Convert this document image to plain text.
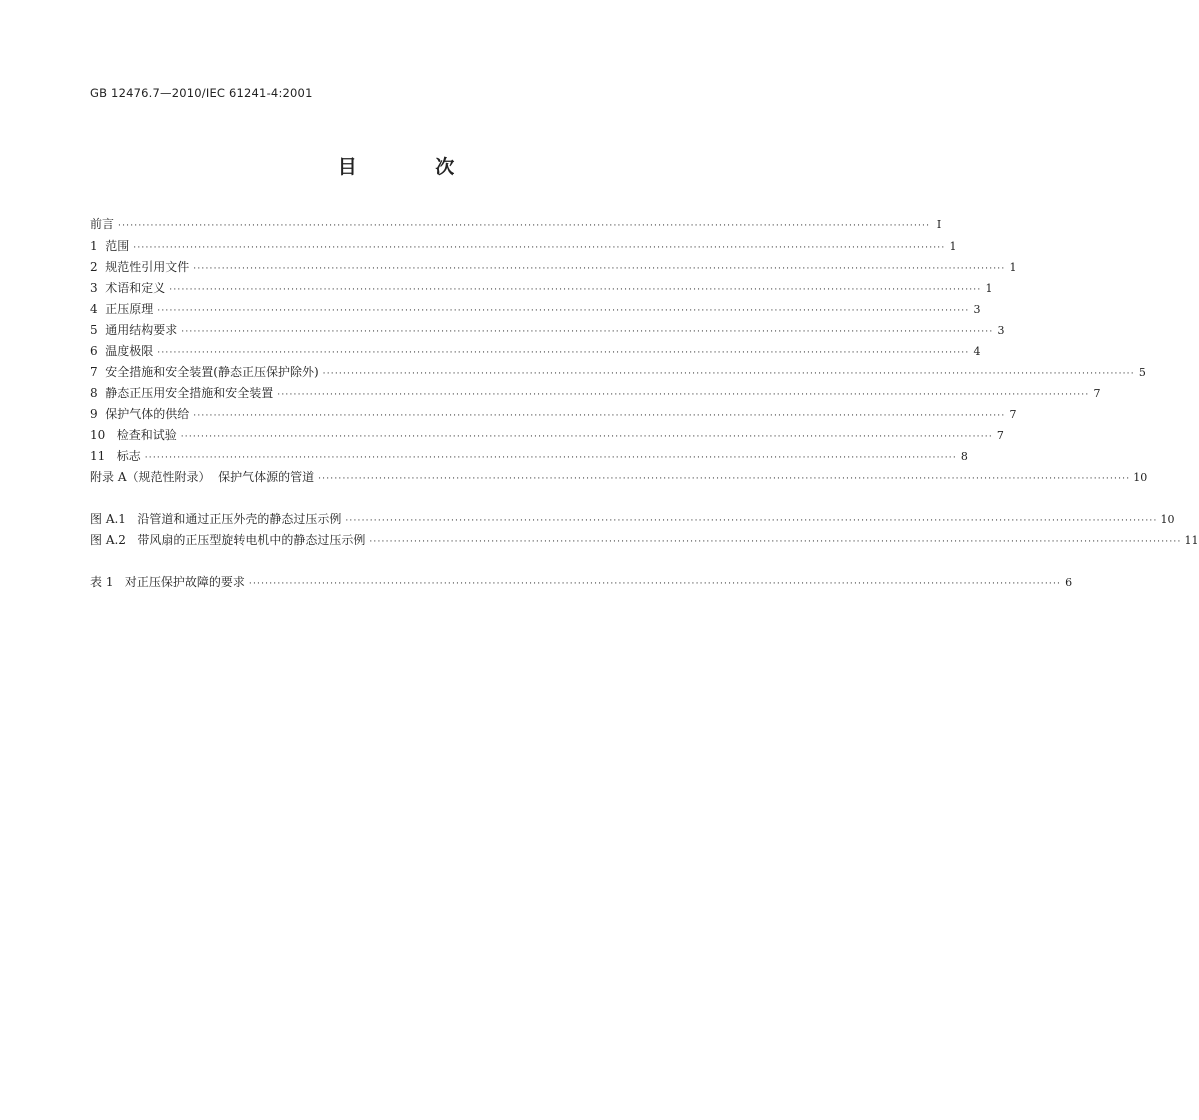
GB 12476.7—2010/IEC 61241-4:2001
目 次
前言 ········································································································································································································ Ⅰ
1  范围 ········································································································································································································ 1
2  规范性引用文件 ········································································································································································································ 1
3  术语和定义 ········································································································································································································ 1
4  正压原理 ········································································································································································································ 3
5  通用结构要求 ········································································································································································································ 3
6  温度极限 ········································································································································································································ 4
7  安全措施和安全装置(静态正压保护除外) ········································································································································································································ 5
8  静态正压用安全措施和安全装置 ········································································································································································································ 7
9  保护气体的供给 ········································································································································································································ 7
10   检查和试验 ········································································································································································································ 7
11   标志 ········································································································································································································ 8
附录 A（规范性附录）  保护气体源的管道 ········································································································································································································ 10
图 A.1   沿管道和通过正压外壳的静态过压示例 ········································································································································································································ 10
图 A.2   带风扇的正压型旋转电机中的静态过压示例 ········································································································································································································ 11
表 1   对正压保护故障的要求 ········································································································································································································ 6
